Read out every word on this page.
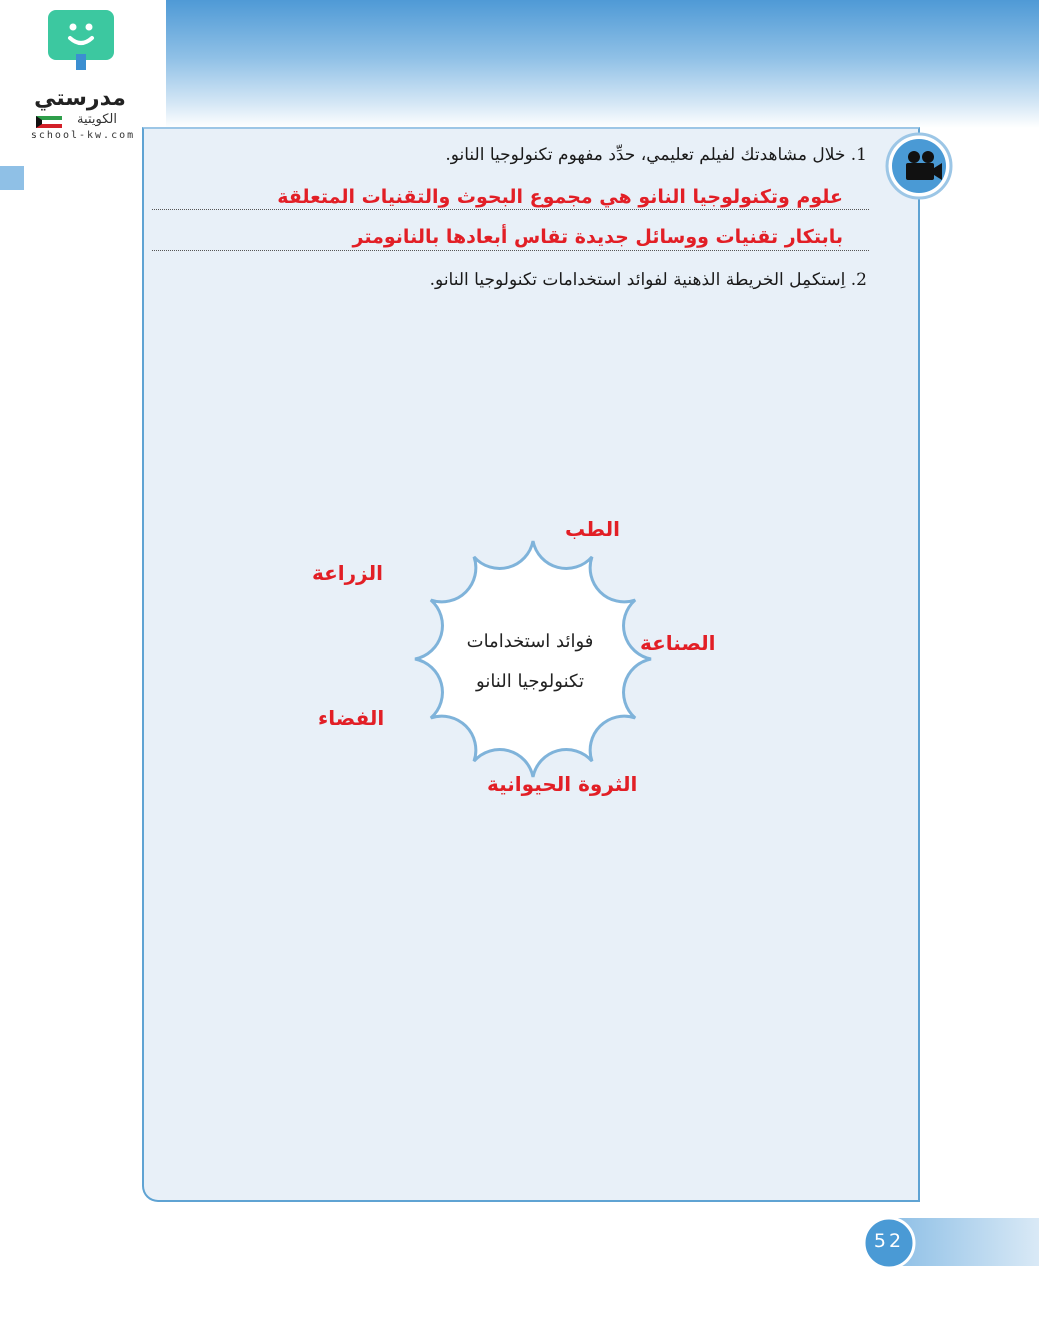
مدرستي
الكويتية
school-kw.com
1. خلال مشاهدتك لفيلم تعليمي، حدِّد مفهوم تكنولوجيا النانو.
علوم وتكنولوجيا النانو هي مجموع البحوث والتقنيات المتعلقة
بابتكار تقنيات ووسائل جديدة تقاس أبعادها بالنانومتر
2. اِستكمِل الخريطة الذهنية لفوائد استخدامات تكنولوجيا النانو.
فوائد استخدامات
تكنولوجيا النانو
الطب
الزراعة
الصناعة
الفضاء
الثروة الحيوانية
52
